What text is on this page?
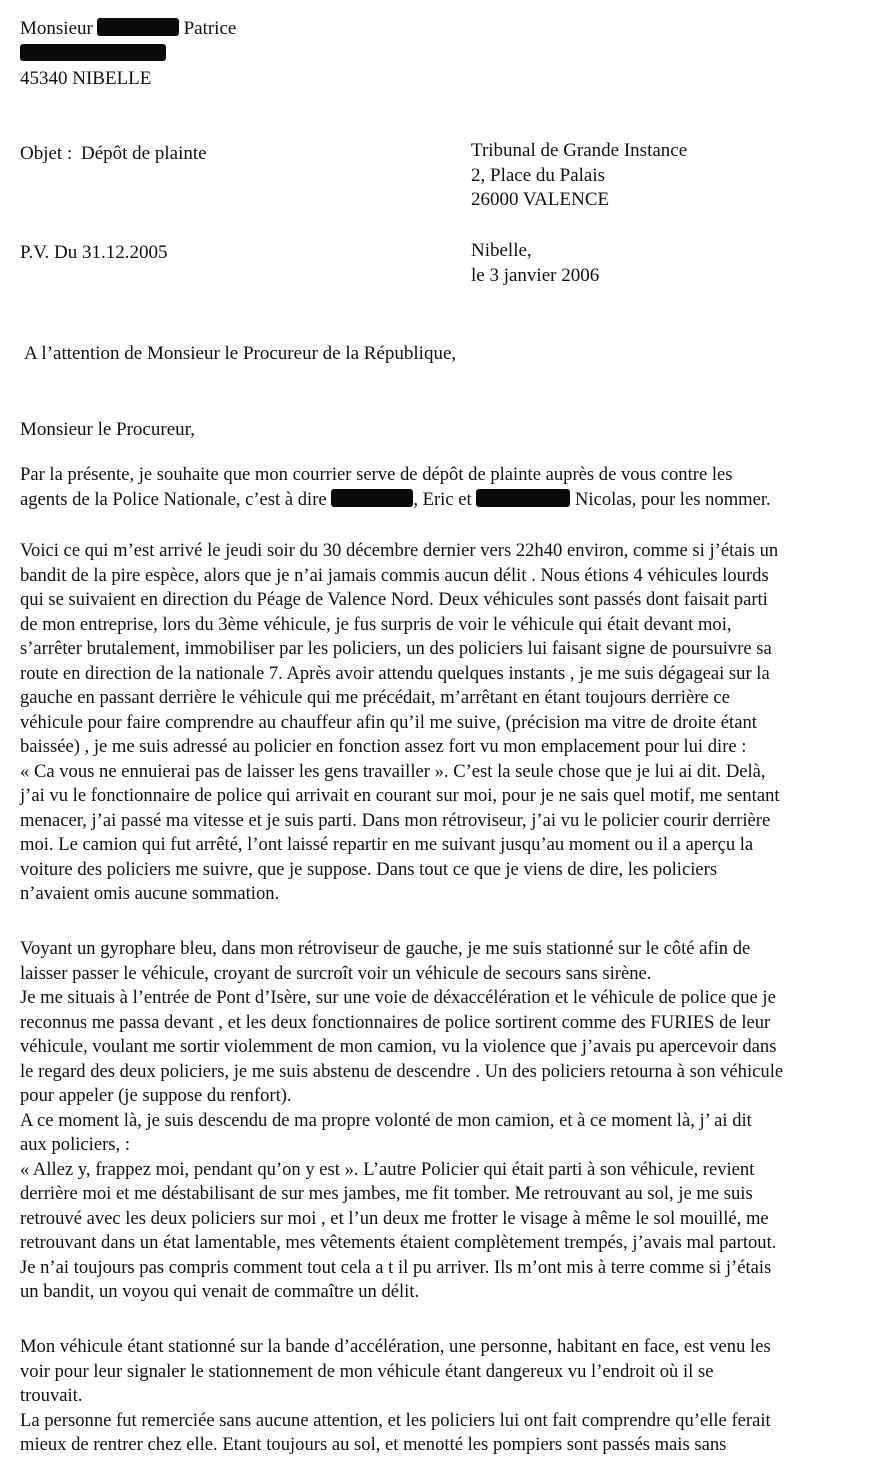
Monsieur	Patrice
45340 NIBELLE
Objet : Dépôt de plainte	Tribunal de Grande Instance
2, Place du Palais
26000 VALENCE
P.V. Du 31.12.2005	Nibelle,
le 3 janvier 2006
A l’attention de Monsieur le Procureur de la République,
Monsieur le Procureur,
Par la présente, je souhaite que mon courrier serve de dépôt de plainte auprès de vous contre les
agents de la Police Nationale, c’est à dire	, Eric et	Nicolas, pour les nommer.
Voici ce qui m’est arrivé le jeudi soir du 30 décembre dernier vers 22h40 environ, comme si j’étais un
bandit de la pire espèce, alors que je n’ai jamais commis aucun délit . Nous étions 4 véhicules lourds
qui se suivaient en direction du Péage de Valence Nord. Deux véhicules sont passés dont faisait parti
de mon entreprise, lors du 3ème véhicule, je fus surpris de voir le véhicule qui était devant moi,
s’arrêter brutalement, immobiliser par les policiers, un des policiers lui faisant signe de poursuivre sa
route en direction de la nationale 7. Après avoir attendu quelques instants , je me suis dégageai sur la
gauche en passant derrière le véhicule qui me précédait, m’arrêtant en étant toujours derrière ce
véhicule pour faire comprendre au chauffeur afin qu’il me suive, (précision ma vitre de droite étant
baissée) , je me suis adressé au policier en fonction assez fort vu mon emplacement pour lui dire :
« Ca vous ne ennuierai pas de laisser les gens travailler ». C’est la seule chose que je lui ai dit. Delà,
j’ai vu le fonctionnaire de police qui arrivait en courant sur moi, pour je ne sais quel motif, me sentant
menacer, j’ai passé ma vitesse et je suis parti. Dans mon rétroviseur, j’ai vu le policier courir derrière
moi. Le camion qui fut arrêté, l’ont laissé repartir en me suivant jusqu’au moment ou il a aperçu la
voiture des policiers me suivre, que je suppose. Dans tout ce que je viens de dire, les policiers
n’avaient omis aucune sommation.
Voyant un gyrophare bleu, dans mon rétroviseur de gauche, je me suis stationné sur le côté afin de
laisser passer le véhicule, croyant de surcroît voir un véhicule de secours sans sirène.
Je me situais à l’entrée de Pont d’Isère, sur une voie de déxaccélération et le véhicule de police que je
reconnus me passa devant , et les deux fonctionnaires de police sortirent comme des FURIES de leur
véhicule, voulant me sortir violemment de mon camion, vu la violence que j’avais pu apercevoir dans
le regard des deux policiers, je me suis abstenu de descendre . Un des policiers retourna à son véhicule
pour appeler (je suppose du renfort).
A ce moment là, je suis descendu de ma propre volonté de mon camion, et à ce moment là, j’ ai dit
aux policiers, :
« Allez y, frappez moi, pendant qu’on y est ». L’autre Policier qui était parti à son véhicule, revient
derrière moi et me déstabilisant de sur mes jambes, me fit tomber. Me retrouvant au sol, je me suis
retrouvé avec les deux policiers sur moi , et l’un deux me frotter le visage à même le sol mouillé, me
retrouvant dans un état lamentable, mes vêtements étaient complètement trempés, j’avais mal partout.
Je n’ai toujours pas compris comment tout cela a t il pu arriver. Ils m’ont mis à terre comme si j’étais
un bandit, un voyou qui venait de commaître un délit.
Mon véhicule étant stationné sur la bande d’accélération, une personne, habitant en face, est venu les
voir pour leur signaler le stationnement de mon véhicule étant dangereux vu l’endroit où il se
trouvait.
La personne fut remerciée sans aucune attention, et les policiers lui ont fait comprendre qu’elle ferait
mieux de rentrer chez elle. Etant toujours au sol, et menotté les pompiers sont passés mais sans
